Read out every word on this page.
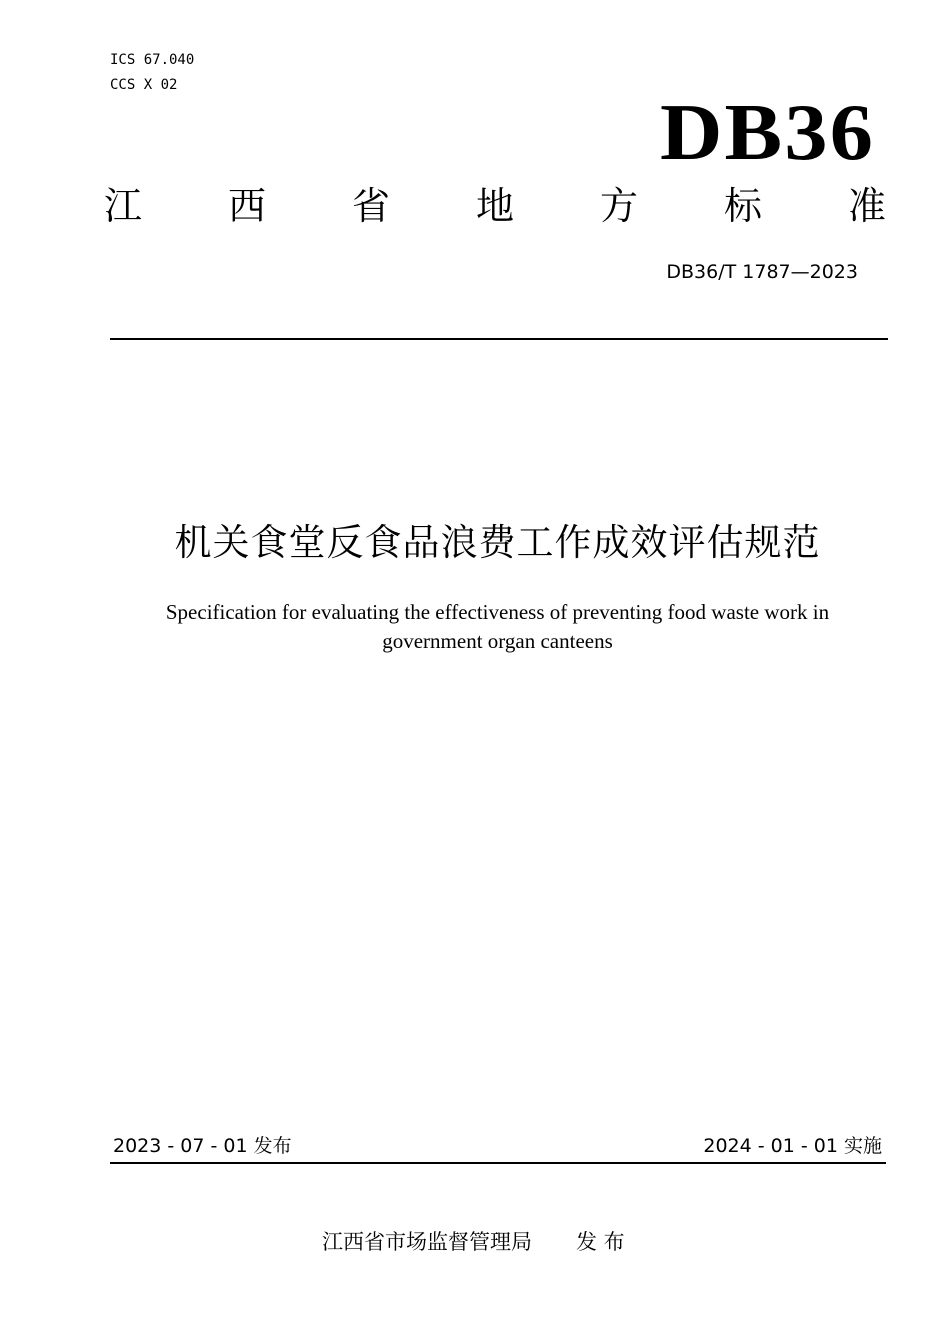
ICS 67.040
CCS X 02
DB36
江 西 省 地 方 标 准
DB36/T 1787—2023
机关食堂反食品浪费工作成效评估规范
Specification for evaluating the effectiveness of preventing food waste work in government organ canteens
2023 - 07 - 01 发布	2024 - 01 - 01 实施
江西省市场监督管理局 发 布
